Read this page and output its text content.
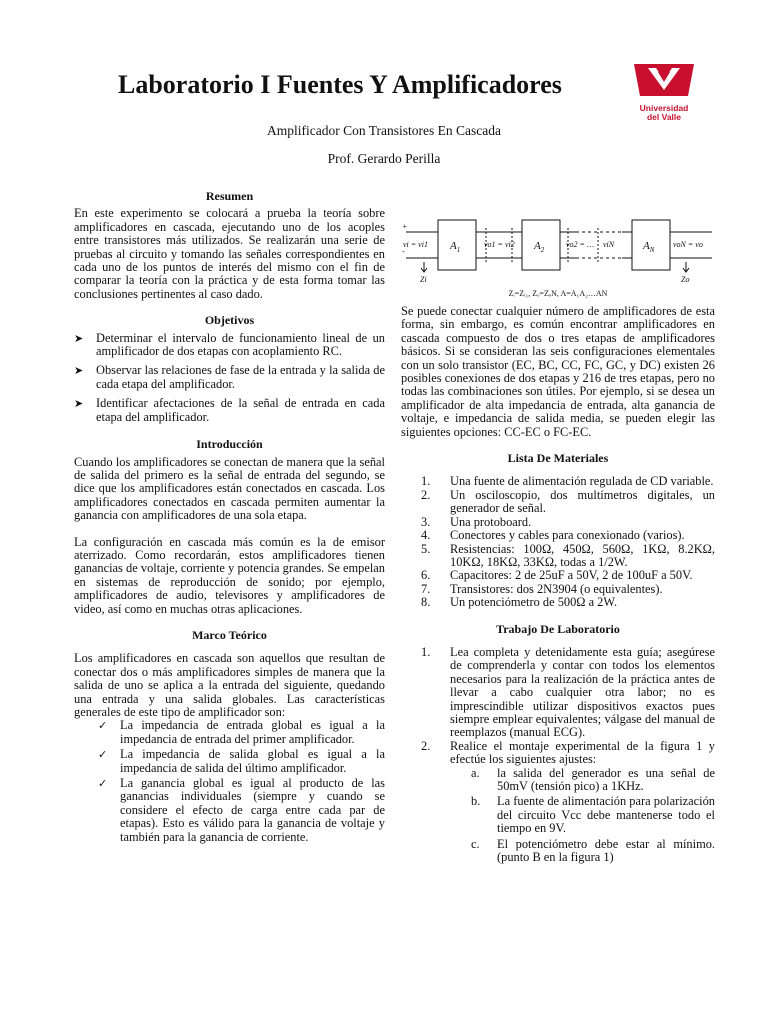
Laboratorio I Fuentes Y Amplificadores
Universidad
del Valle
Amplificador Con Transistores En Cascada
Prof. Gerardo Perilla
Resumen

En este experimento se colocará a prueba la teoría sobre amplificadores en cascada, ejecutando uno de los acoples entre transistores más utilizados. Se realizarán una serie de pruebas al circuito y tomando las señales correspondientes en cada uno de los puntos de interés del mismo con el fin de comparar la teoría con la práctica y de esta forma tomar las conclusiones pertinentes al caso dado.

Objetivos
➤ Determinar el intervalo de funcionamiento lineal de un amplificador de dos etapas con acoplamiento RC.
➤ Observar las relaciones de fase de la entrada y la salida de cada etapa del amplificador.
➤ Identificar afectaciones de la señal de entrada en cada etapa del amplificador.
Introducción

Cuando los amplificadores se conectan de manera que la señal de salida del primero es la señal de entrada del segundo, se dice que los amplificadores están conectados en cascada. Los amplificadores conectados en cascada permiten aumentar la ganancia con amplificadores de una sola etapa.

La configuración en cascada más común es la de emisor aterrizado. Como recordarán, estos amplificadores tienen ganancias de voltaje, corriente y potencia grandes. Se empelan en sistemas de reproducción de sonido; por ejemplo, amplificadores de audio, televisores y amplificadores de video, así como en muchas otras aplicaciones.

Marco Teórico

Los amplificadores en cascada son aquellos que resultan de conectar dos o más amplificadores simples de manera que la salida de uno se aplica a la entrada del siguiente, quedando una entrada y una salida globales. Las características generales de este tipo de amplificador son:

✓ La impedancia de entrada global es igual a la impedancia de entrada del primer amplificador.
✓ La impedancia de salida global es igual a la impedancia de salida del último amplificador.
✓ La ganancia global es igual al producto de las ganancias individuales (siempre y cuando se considere el efecto de carga entre cada par de etapas). Esto es válido para la ganancia de voltaje y también para la ganancia de corriente.
+
-
vi = vi1	vo1 = vi2	vo2 = … viN	voN = vo
Zi	Zo
$A_1$	$A_2$	$A_N$
Zᵢ=Zᵢ₁, Zₒ=ZₒN, A=A₁A₂…AN

Se puede conectar cualquier número de amplificadores de esta forma, sin embargo, es común encontrar amplificadores en cascada compuesto de dos o tres etapas de amplificadores básicos. Si se consideran las seis configuraciones elementales con un solo transistor (EC, BC, CC, FC, GC, y DC) existen 26 posibles conexiones de dos etapas y 216 de tres etapas, pero no todas las combinaciones son útiles. Por ejemplo, si se desea un amplificador de alta impedancia de entrada, alta ganancia de voltaje, e impedancia de salida media, se pueden elegir las siguientes opciones: CC-EC o FC-EC.

Lista De Materiales
1. Una fuente de alimentación regulada de CD variable.
2. Un osciloscopio, dos multímetros digitales, un generador de señal.
3. Una protoboard.
4. Conectores y cables para conexionado (varios).
5. Resistencias: 100Ω, 450Ω, 560Ω, 1KΩ, 8.2KΩ, 10KΩ, 18KΩ, 33KΩ, todas a 1/2W.
6. Capacitores: 2 de 25uF a 50V, 2 de 100uF a 50V.
7. Transistores: dos 2N3904 (o equivalentes).
8. Un potenciómetro de 500Ω a 2W.
Trabajo De Laboratorio
1. Lea completa y detenidamente esta guía; asegúrese de comprenderla y contar con todos los elementos necesarios para la realización de la práctica antes de llevar a cabo cualquier otra labor; no es imprescindible utilizar dispositivos exactos pues siempre emplear equivalentes; válgase del manual de reemplazos (manual ECG).
2. Realice el montaje experimental de la figura 1 y efectúe los siguientes ajustes:
a. la salida del generador es una señal de 50mV (tensión pico) a 1KHz.
b. La fuente de alimentación para polarización del circuito Vcc debe mantenerse todo el tiempo en 9V.
c. El potenciómetro debe estar al mínimo. (punto B en la figura 1)
